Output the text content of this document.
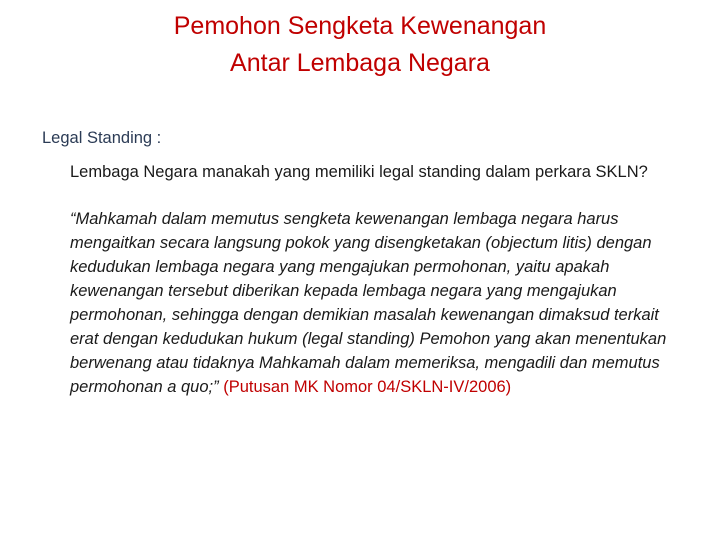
Pemohon Sengketa Kewenangan
Antar Lembaga Negara

Legal Standing :

Lembaga Negara manakah yang memiliki legal standing dalam perkara SKLN?

“Mahkamah dalam memutus sengketa kewenangan lembaga negara harus mengaitkan secara langsung pokok yang disengketakan (objectum litis) dengan kedudukan lembaga negara yang mengajukan permohonan, yaitu apakah kewenangan tersebut diberikan kepada lembaga negara yang mengajukan permohonan, sehingga dengan demikian masalah kewenangan dimaksud terkait erat dengan kedudukan hukum (legal standing) Pemohon yang akan menentukan berwenang atau tidaknya Mahkamah dalam memeriksa, mengadili dan memutus permohonan a quo;” (Putusan MK Nomor 04/SKLN-IV/2006)
